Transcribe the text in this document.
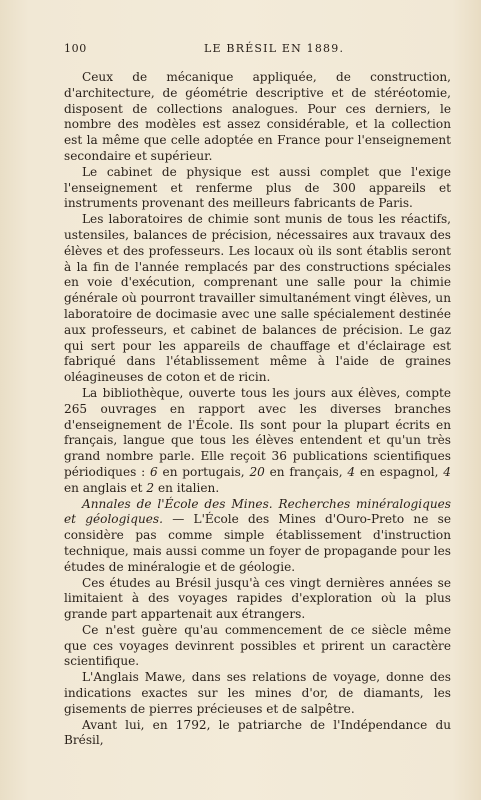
100	LE BRÉSIL EN 1889.

Ceux de mécanique appliquée, de construction, d'architecture, de géométrie descriptive et de stéréotomie, disposent de collections analogues. Pour ces derniers, le nombre des modèles est assez considérable, et la collection est la même que celle adoptée en France pour l'enseignement secondaire et supérieur.

Le cabinet de physique est aussi complet que l'exige l'enseignement et renferme plus de 300 appareils et instruments provenant des meilleurs fabricants de Paris.

Les laboratoires de chimie sont munis de tous les réactifs, ustensiles, balances de précision, nécessaires aux travaux des élèves et des professeurs. Les locaux où ils sont établis seront à la fin de l'année remplacés par des constructions spéciales en voie d'exécution, comprenant une salle pour la chimie générale où pourront travailler simultanément vingt élèves, un laboratoire de docimasie avec une salle spécialement destinée aux professeurs, et cabinet de balances de précision. Le gaz qui sert pour les appareils de chauffage et d'éclairage est fabriqué dans l'établissement même à l'aide de graines oléagineuses de coton et de ricin.

La bibliothèque, ouverte tous les jours aux élèves, compte 265 ouvrages en rapport avec les diverses branches d'enseignement de l'École. Ils sont pour la plupart écrits en français, langue que tous les élèves entendent et qu'un très grand nombre parle. Elle reçoit 36 publications scientifiques périodiques : 6 en portugais, 20 en français, 4 en espagnol, 4 en anglais et 2 en italien.

Annales de l'École des Mines. Recherches minéralogiques et géologiques. — L'École des Mines d'Ouro-Preto ne se considère pas comme simple établissement d'instruction technique, mais aussi comme un foyer de propagande pour les études de minéralogie et de géologie.

Ces études au Brésil jusqu'à ces vingt dernières années se limitaient à des voyages rapides d'exploration où la plus grande part appartenait aux étrangers.

Ce n'est guère qu'au commencement de ce siècle même que ces voyages devinrent possibles et prirent un caractère scientifique.

L'Anglais Mawe, dans ses relations de voyage, donne des indications exactes sur les mines d'or, de diamants, les gisements de pierres précieuses et de salpêtre.

Avant lui, en 1792, le patriarche de l'Indépendance du Brésil,
